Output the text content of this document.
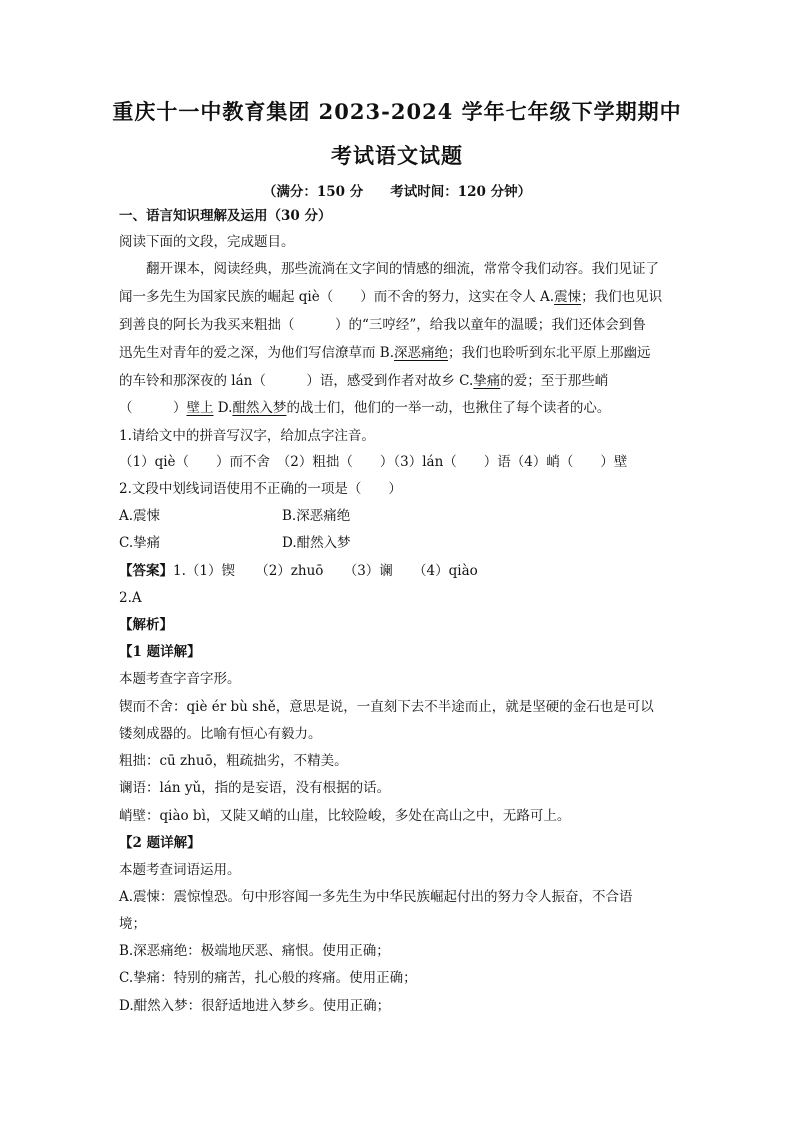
重庆十一中教育集团 2023-2024 学年七年级下学期期中
考试语文试题
（满分：150 分　　考试时间：120 分钟）
一、语言知识理解及运用（30 分）
阅读下面的文段，完成题目。
翻开课本，阅读经典，那些流淌在文字间的情感的细流，常常令我们动容。我们见证了
闻一多先生为国家民族的崛起 qiè（　　）而不舍的努力，这实在令人 A.震悚；我们也见识
到善良的阿长为我买来粗拙（　　　）的“三哼经”，给我以童年的温暖；我们还体会到鲁
迅先生对青年的爱之深，为他们写信潦草而 B.深恶痛绝；我们也聆听到东北平原上那幽远
的车铃和那深夜的 lán（　　　）语，感受到作者对故乡 C.挚痛的爱；至于那些峭
（　　　）壁上 D.酣然入梦的战士们，他们的一举一动，也揪住了每个读者的心。
1.请给文中的拼音写汉字，给加点字注音。
（1）qiè（　　）而不舍　（2）粗拙（　　）（3）lán（　　）语（4）峭（　　）壁
2.文段中划线词语使用不正确的一项是（　　）
A.震悚	B.深恶痛绝
C.挚痛	D.酣然入梦
【答案】1.（1）锲　　（2）zhuō　　（3）谰　　（4）qiào
2.A
【解析】
【1 题详解】
本题考查字音字形。
锲而不舍：qiè ér bù shě，意思是说，一直刻下去不半途而止，就是坚硬的金石也是可以
镂刻成器的。比喻有恒心有毅力。
粗拙：cū zhuō，粗疏拙劣，不精美。
谰语：lán yǔ，指的是妄语，没有根据的话。
峭壁：qiào bì，又陡又峭的山崖，比较险峻，多处在高山之中，无路可上。
【2 题详解】
本题考查词语运用。
A.震悚：震惊惶恐。句中形容闻一多先生为中华民族崛起付出的努力令人振奋，不合语
境；
B.深恶痛绝：极端地厌恶、痛恨。使用正确；
C.挚痛：特别的痛苦，扎心般的疼痛。使用正确；
D.酣然入梦：很舒适地进入梦乡。使用正确；
